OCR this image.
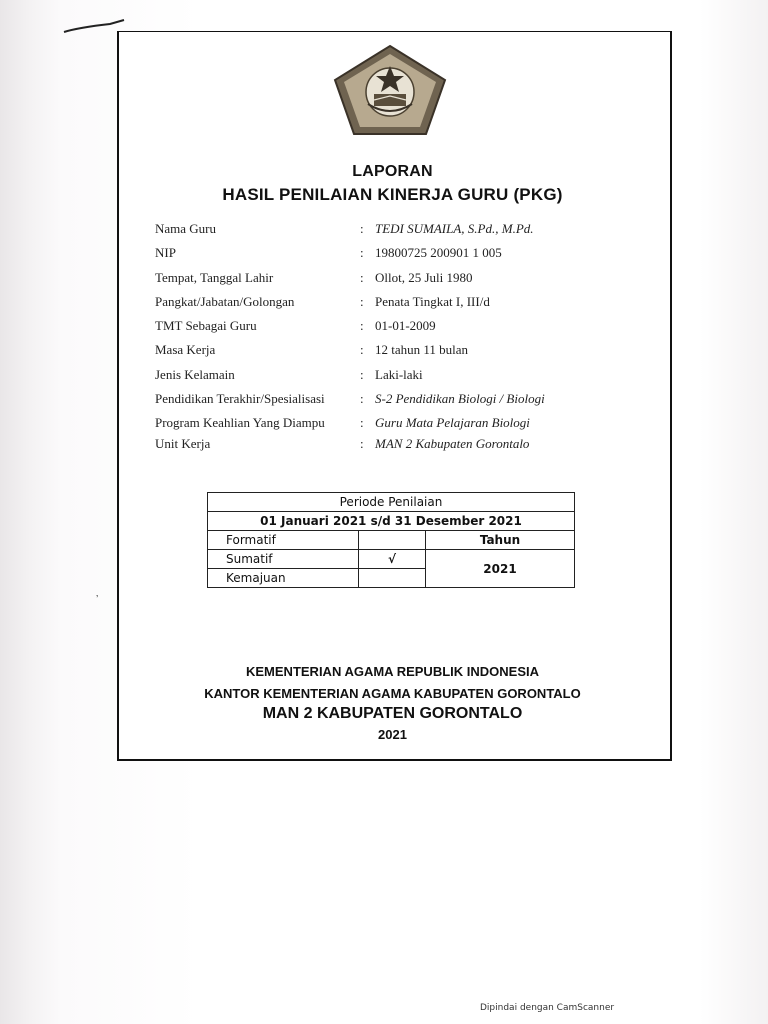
LAPORAN
HASIL PENILAIAN KINERJA GURU (PKG)
Nama Guru	: TEDI SUMAILA, S.Pd., M.Pd.
NIP	: 19800725 200901 1 005
Tempat, Tanggal Lahir	: Ollot, 25 Juli 1980
Pangkat/Jabatan/Golongan	: Penata Tingkat I, III/d
TMT Sebagai Guru	: 01-01-2009
Masa Kerja	: 12 tahun 11 bulan
Jenis Kelamain	: Laki-laki
Pendidikan Terakhir/Spesialisasi	: S-2 Pendidikan Biologi / Biologi
Program Keahlian Yang Diampu	: Guru Mata Pelajaran Biologi
Unit Kerja	: MAN 2 Kabupaten Gorontalo
Periode Penilaian		
01 Januari 2021 s/d 31 Desember 2021		
Formatif		Tahun
Sumatif	√	2021
Kemajuan		
‚
KEMENTERIAN AGAMA REPUBLIK INDONESIA
KANTOR KEMENTERIAN AGAMA KABUPATEN GORONTALO
MAN 2 KABUPATEN GORONTALO
2021
Dipindai dengan CamScanner
